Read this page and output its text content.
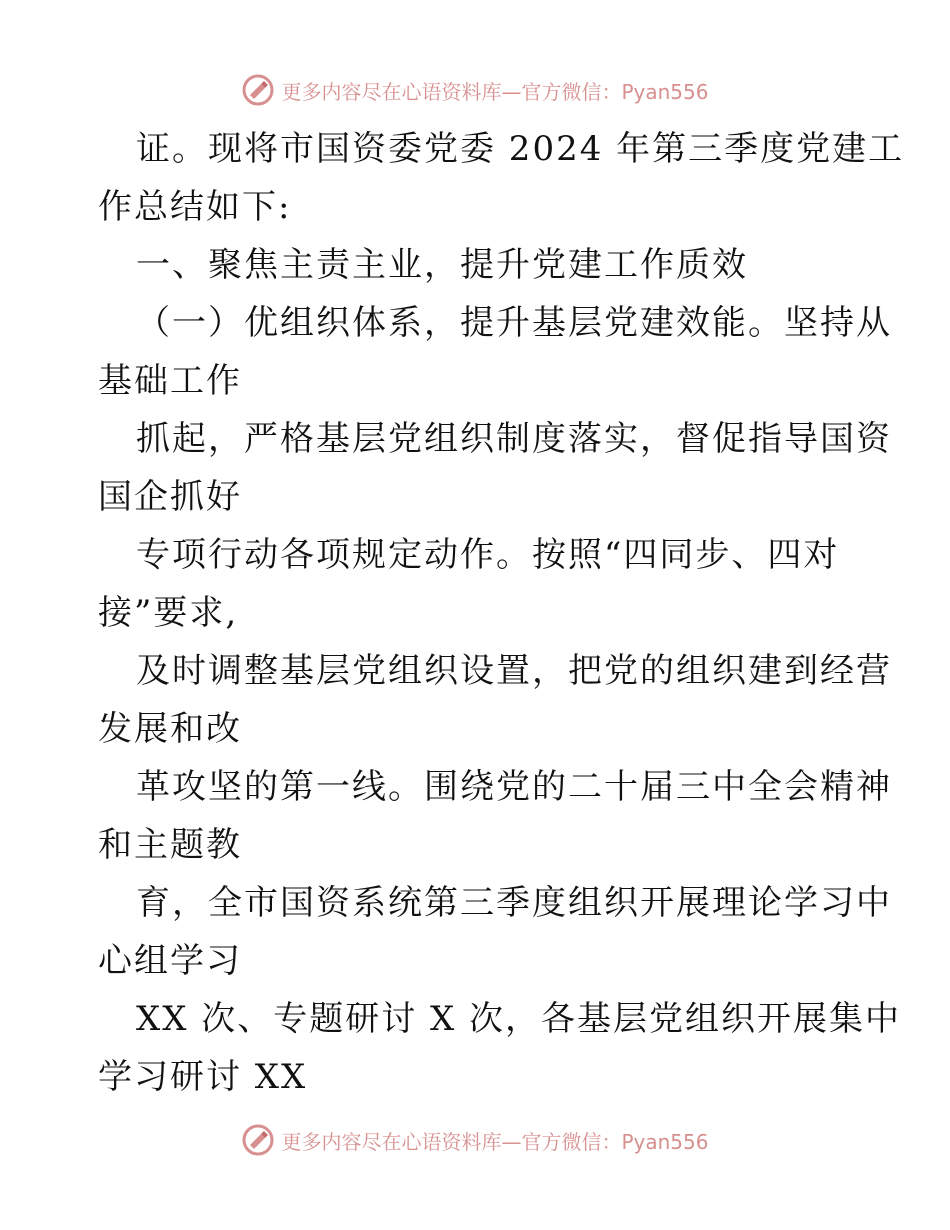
更多内容尽在心语资料库—官方微信：Pyan556
证。现将市国资委党委 2024 年第三季度党建工
作总结如下:
一、聚焦主责主业，提升党建工作质效
（一）优组织体系，提升基层党建效能。坚持从
基础工作
抓起，严格基层党组织制度落实，督促指导国资
国企抓好
专项行动各项规定动作。按照“四同步、四对
接”要求,
及时调整基层党组织设置，把党的组织建到经营
发展和改
革攻坚的第一线。围绕党的二十届三中全会精神
和主题教
育，全市国资系统第三季度组织开展理论学习中
心组学习
XX 次、专题研讨 X 次，各基层党组织开展集中
学习研讨 XX
更多内容尽在心语资料库—官方微信：Pyan556
